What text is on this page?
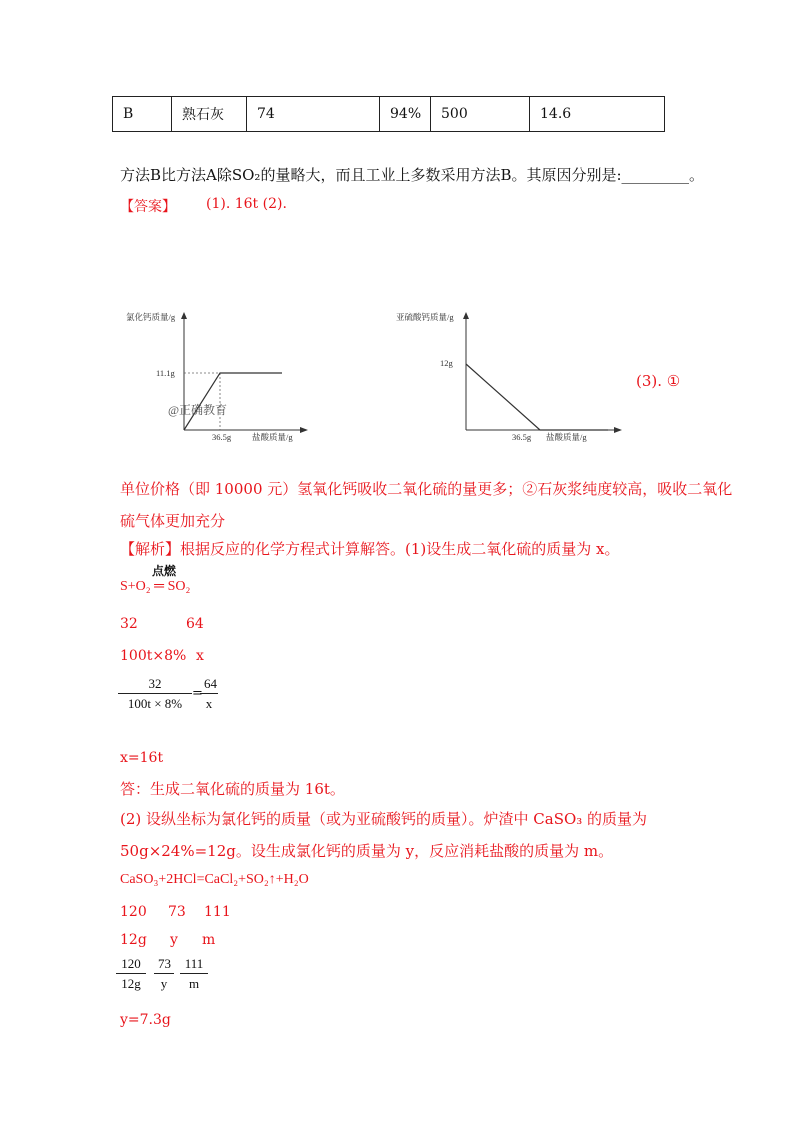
B	熟石灰	74	94%	500	14.6
方法B比方法A除SO₂的量略大，而且工业上多数采用方法B。其原因分别是:_________。
【答案】 (1). 16t (2).
氯化钙质量/g
11.1g
36.5g 盐酸质量/g
@正确教育
亚硫酸钙质量/g
12g
36.5g 盐酸质量/g
(3). ①
单位价格（即 10000 元）氢氧化钙吸收二氧化硫的量更多；②石灰浆纯度较高，吸收二氧化
硫气体更加充分
【解析】根据反应的化学方程式计算解答。(1)设生成二氧化硫的质量为 x。
点燃
S+O₂ ═ SO₂
32	64
100t×8% x
$\frac{32}{100t \times 8\%}$ =
$\frac{64}{x}$
x=16t
答：生成二氧化硫的质量为 16t。
(2) 设纵坐标为氯化钙的质量（或为亚硫酸钙的质量）。炉渣中 CaSO₃ 的质量为
50g×24%=12g。设生成氯化钙的质量为 y，反应消耗盐酸的质量为 m。
CaSO₃+2HCl=CaCl₂+SO₂↑+H₂O
120 73 111
12g y m
$\frac{120}{12g} \frac{73}{y} \frac{111}{m}$
y=7.3g
